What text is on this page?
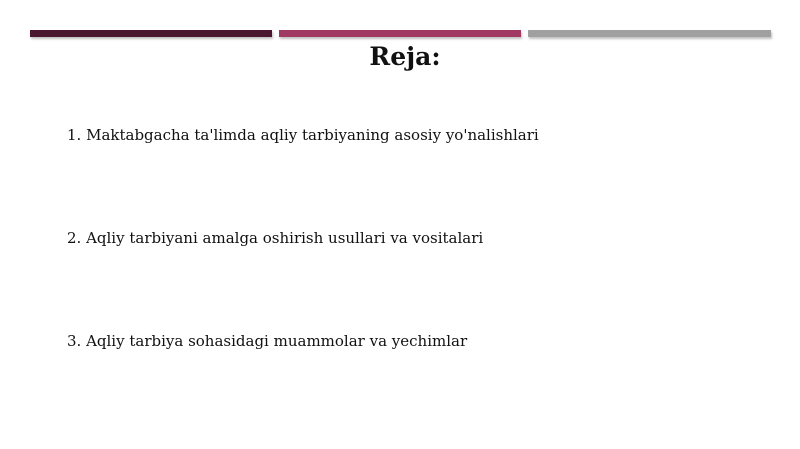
Reja:
1. Maktabgacha ta'limda aqliy tarbiyaning asosiy yo'nalishlari
2. Aqliy tarbiyani amalga oshirish usullari va vositalari
3. Aqliy tarbiya sohasidagi muammolar va yechimlar
